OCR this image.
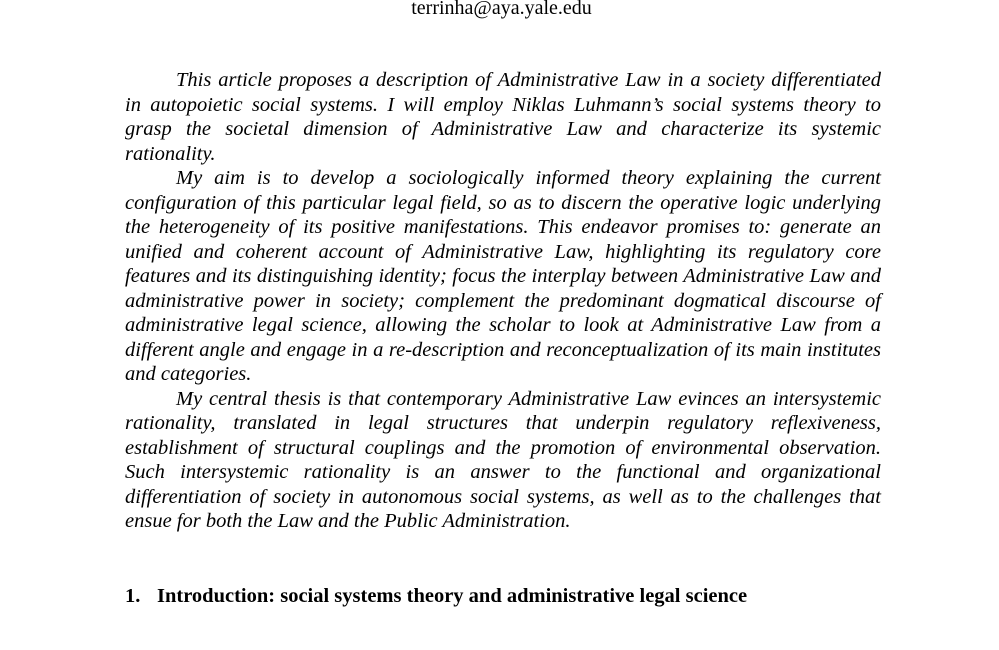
terrinha@aya.yale.edu

This article proposes a description of Administrative Law in a society differentiated in autopoietic social systems. I will employ Niklas Luhmann’s social systems theory to grasp the societal dimension of Administrative Law and characterize its systemic rationality.

My aim is to develop a sociologically informed theory explaining the current configuration of this particular legal field, so as to discern the operative logic underlying the heterogeneity of its positive manifestations. This endeavor promises to: generate an unified and coherent account of Administrative Law, highlighting its regulatory core features and its distinguishing identity; focus the interplay between Administrative Law and administrative power in society; complement the predominant dogmatical discourse of administrative legal science, allowing the scholar to look at Administrative Law from a different angle and engage in a re-description and reconceptualization of its main institutes and categories.

My central thesis is that contemporary Administrative Law evinces an intersystemic rationality, translated in legal structures that underpin regulatory reflexiveness, establishment of structural couplings and the promotion of environmental observation. Such intersystemic rationality is an answer to the functional and organizational differentiation of society in autonomous social systems, as well as to the challenges that ensue for both the Law and the Public Administration.

1. Introduction: social systems theory and administrative legal science
